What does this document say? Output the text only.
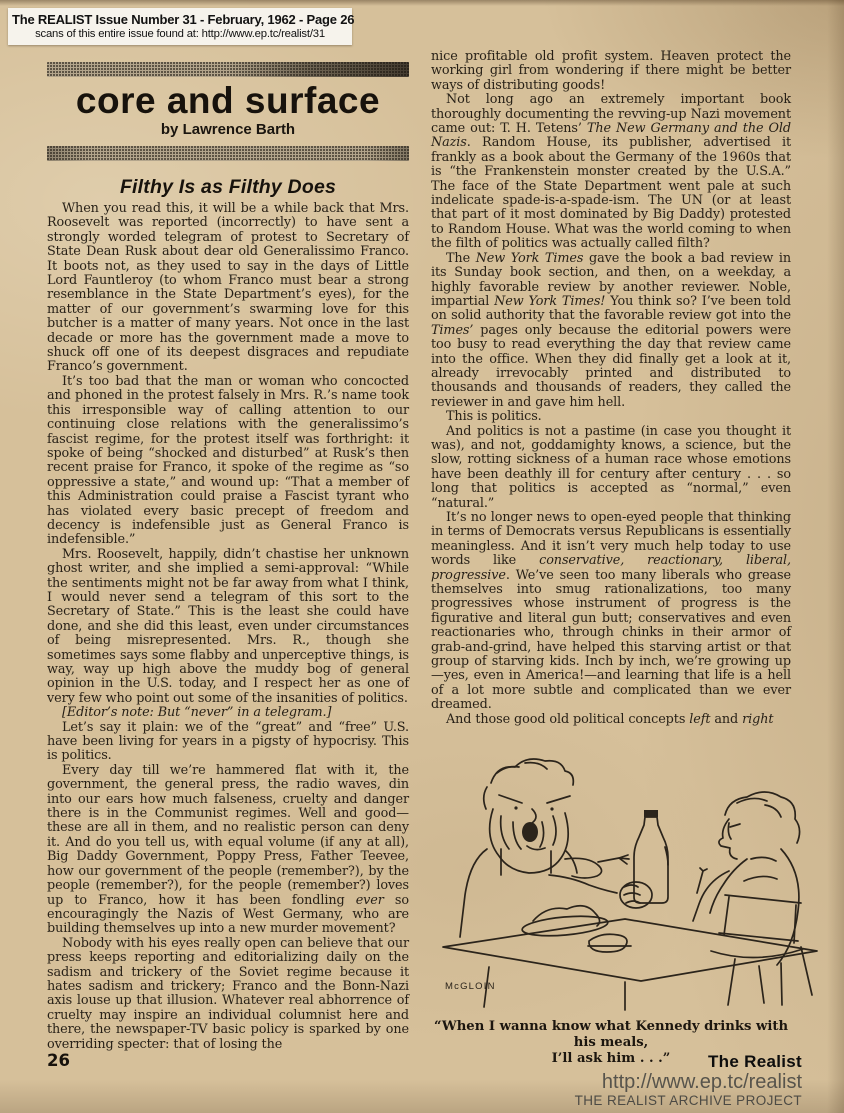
The REALIST Issue Number 31 - February, 1962 - Page 26
scans of this entire issue found at: http://www.ep.tc/realist/31
core and surface
by Lawrence Barth
Filthy Is as Filthy Does

When you read this, it will be a while back that Mrs. Roosevelt was reported (incorrectly) to have sent a strongly worded telegram of protest to Secretary of State Dean Rusk about dear old Generalissimo Franco. It boots not, as they used to say in the days of Little Lord Fauntleroy (to whom Franco must bear a strong resemblance in the State Department’s eyes), for the matter of our government’s swarming love for this butcher is a matter of many years. Not once in the last decade or more has the government made a move to shuck off one of its deepest disgraces and repudiate Franco’s government.

It’s too bad that the man or woman who concocted and phoned in the protest falsely in Mrs. R.’s name took this irresponsible way of calling attention to our continuing close relations with the generalissimo’s fascist regime, for the protest itself was forthright: it spoke of being “shocked and disturbed” at Rusk’s then recent praise for Franco, it spoke of the regime as “so oppressive a state,” and wound up: “That a member of this Administration could praise a Fascist tyrant who has violated every basic precept of freedom and decency is indefensible just as General Franco is indefensible.”

Mrs. Roosevelt, happily, didn’t chastise her unknown ghost writer, and she implied a semi-approval: “While the sentiments might not be far away from what I think, I would never send a telegram of this sort to the Secretary of State.” This is the least she could have done, and she did this least, even under circumstances of being misrepresented. Mrs. R., though she sometimes says some flabby and unperceptive things, is way, way up high above the muddy bog of general opinion in the U.S. today, and I respect her as one of very few who point out some of the insanities of politics.

[Editor’s note: But “never” in a telegram.]

Let’s say it plain: we of the “great” and “free” U.S. have been living for years in a pigsty of hypocrisy. This is politics.

Every day till we’re hammered flat with it, the government, the general press, the radio waves, din into our ears how much falseness, cruelty and danger there is in the Communist regimes. Well and good—these are all in them, and no realistic person can deny it. And do you tell us, with equal volume (if any at all), Big Daddy Government, Poppy Press, Father Teevee, how our government of the people (remember?), by the people (remember?), for the people (remember?) loves up to Franco, how it has been fondling ever so encouragingly the Nazis of West Germany, who are building themselves up into a new murder movement?

Nobody with his eyes really open can believe that our press keeps reporting and editorializing daily on the sadism and trickery of the Soviet regime because it hates sadism and trickery; Franco and the Bonn-Nazi axis louse up that illusion. Whatever real abhorrence of cruelty may inspire an individual columnist here and there, the newspaper-TV basic policy is sparked by one overriding specter: that of losing the

nice profitable old profit system. Heaven protect the working girl from wondering if there might be better ways of distributing goods!

Not long ago an extremely important book thoroughly documenting the revving-up Nazi movement came out: T. H. Tetens’ The New Germany and the Old Nazis. Random House, its publisher, advertised it frankly as a book about the Germany of the 1960s that is “the Frankenstein monster created by the U.S.A.” The face of the State Department went pale at such indelicate spade-is-a-spade-ism. The UN (or at least that part of it most dominated by Big Daddy) protested to Random House. What was the world coming to when the filth of politics was actually called filth?

The New York Times gave the book a bad review in its Sunday book section, and then, on a weekday, a highly favorable review by another reviewer. Noble, impartial New York Times! You think so? I’ve been told on solid authority that the favorable review got into the Times’ pages only because the editorial powers were too busy to read everything the day that review came into the office. When they did finally get a look at it, already irrevocably printed and distributed to thousands and thousands of readers, they called the reviewer in and gave him hell.

This is politics.

And politics is not a pastime (in case you thought it was), and not, goddamighty knows, a science, but the slow, rotting sickness of a human race whose emotions have been deathly ill for century after century . . . so long that politics is accepted as “normal,” even “natural.”

It’s no longer news to open-eyed people that thinking in terms of Democrats versus Republicans is essentially meaningless. And it isn’t very much help today to use words like conservative, reactionary, liberal, progressive. We’ve seen too many liberals who grease themselves into smug rationalizations, too many progressives whose instrument of progress is the figurative and literal gun butt; conservatives and even reactionaries who, through chinks in their armor of grab-and-grind, have helped this starving artist or that group of starving kids. Inch by inch, we’re growing up—yes, even in America!—and learning that life is a hell of a lot more subtle and complicated than we ever dreamed.

And those good old political concepts left and right

McGLOIN
“When I wanna know what Kennedy drinks with his meals,
I’ll ask him . . .”
26	The Realist
http://www.ep.tc/realist
THE REALIST ARCHIVE PROJECT
